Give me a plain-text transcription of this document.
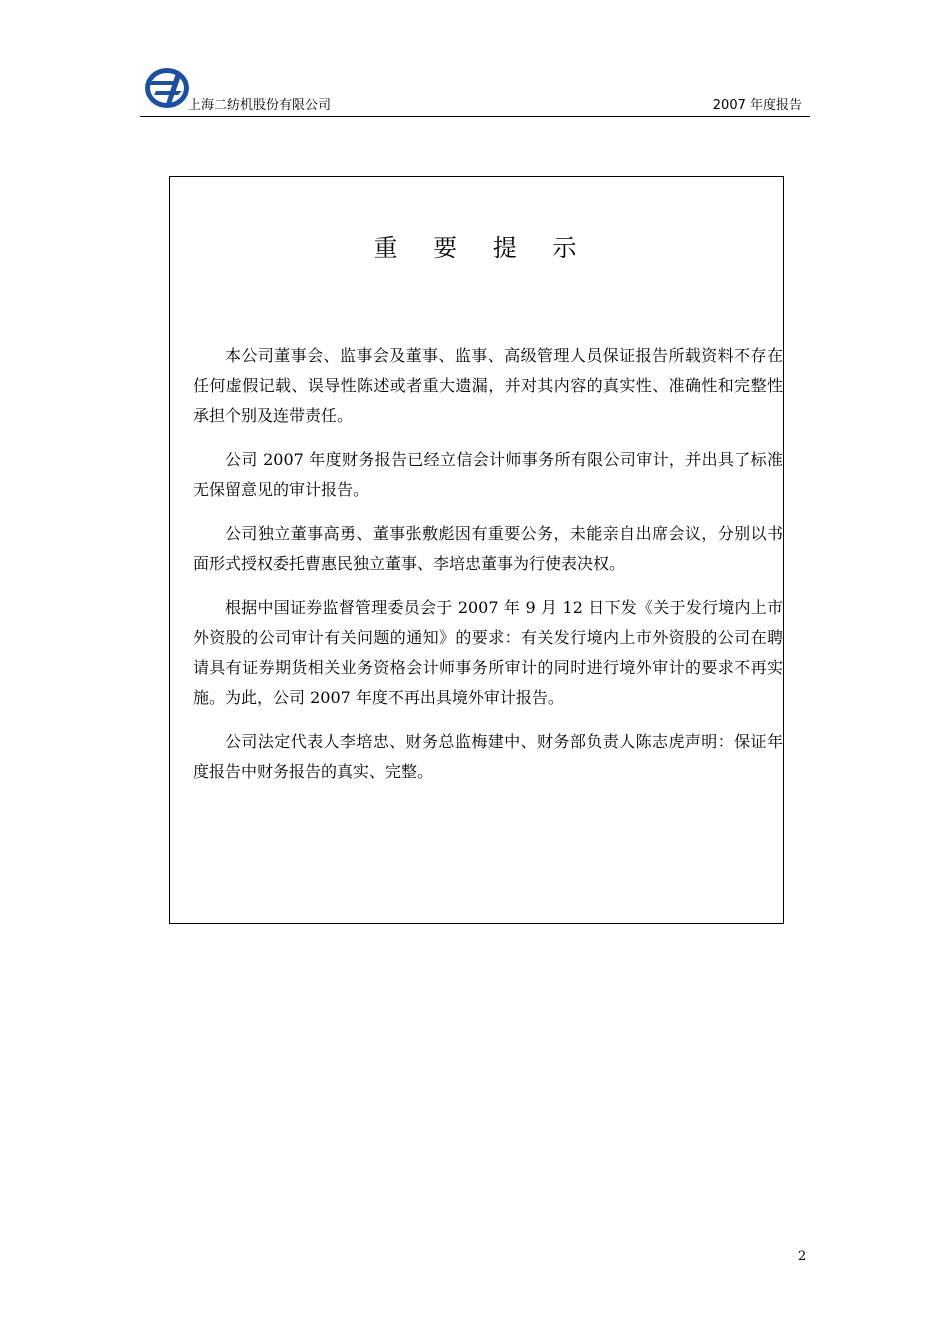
上海二纺机股份有限公司	2007 年度报告
重 要 提 示

本公司董事会、监事会及董事、监事、高级管理人员保证报告所载资料不存在任何虚假记载、误导性陈述或者重大遗漏，并对其内容的真实性、准确性和完整性承担个别及连带责任。

公司 2007 年度财务报告已经立信会计师事务所有限公司审计，并出具了标准无保留意见的审计报告。

公司独立董事高勇、董事张敷彪因有重要公务，未能亲自出席会议，分别以书面形式授权委托曹惠民独立董事、李培忠董事为行使表决权。

根据中国证券监督管理委员会于 2007 年 9 月 12 日下发《关于发行境内上市外资股的公司审计有关问题的通知》的要求：有关发行境内上市外资股的公司在聘请具有证券期货相关业务资格会计师事务所审计的同时进行境外审计的要求不再实施。为此，公司 2007 年度不再出具境外审计报告。

公司法定代表人李培忠、财务总监梅建中、财务部负责人陈志虎声明：保证年度报告中财务报告的真实、完整。

2
